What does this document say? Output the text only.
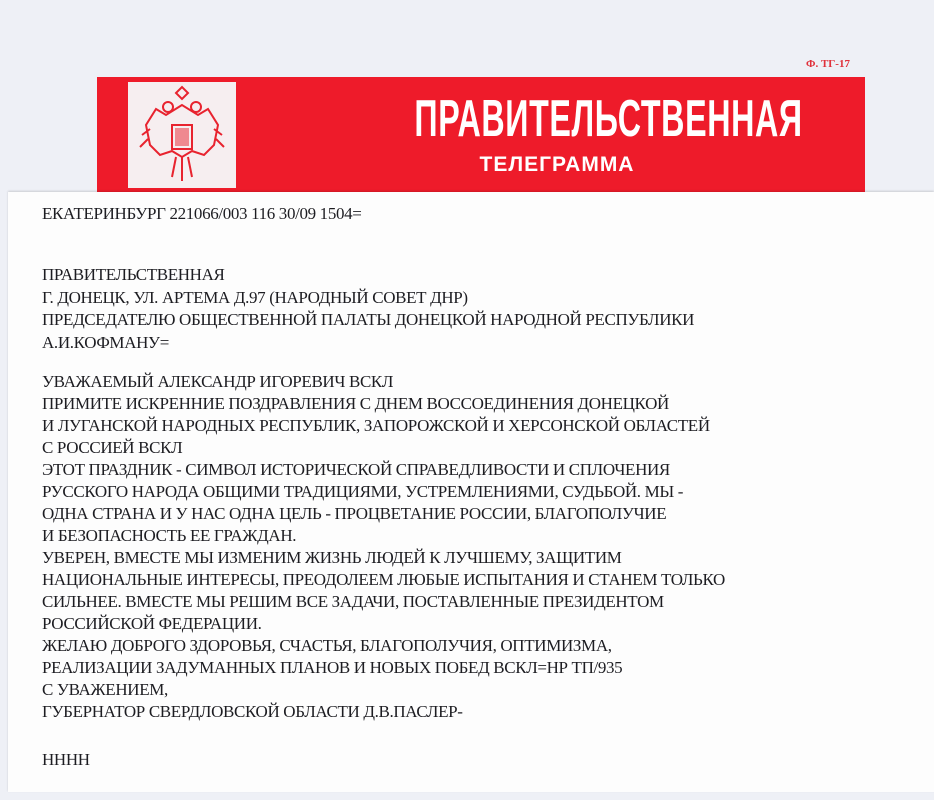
Ф. ТГ-17
ПРАВИТЕЛЬСТВЕННАЯ
ТЕЛЕГРАММА
ЕКАТЕРИНБУРГ 221066/003 116 30/09 1504=
ПРАВИТЕЛЬСТВЕННАЯ
Г. ДОНЕЦК, УЛ. АРТЕМА Д.97 (НАРОДНЫЙ СОВЕТ ДНР)
ПРЕДСЕДАТЕЛЮ ОБЩЕСТВЕННОЙ ПАЛАТЫ ДОНЕЦКОЙ НАРОДНОЙ РЕСПУБЛИКИ
А.И.КОФМАНУ=
УВАЖАЕМЫЙ АЛЕКСАНДР ИГОРЕВИЧ ВСКЛ
ПРИМИТЕ ИСКРЕННИЕ ПОЗДРАВЛЕНИЯ С ДНЕМ ВОССОЕДИНЕНИЯ ДОНЕЦКОЙ
И ЛУГАНСКОЙ НАРОДНЫХ РЕСПУБЛИК, ЗАПОРОЖСКОЙ И ХЕРСОНСКОЙ ОБЛАСТЕЙ
С РОССИЕЙ ВСКЛ
ЭТОТ ПРАЗДНИК - СИМВОЛ ИСТОРИЧЕСКОЙ СПРАВЕДЛИВОСТИ И СПЛОЧЕНИЯ
РУССКОГО НАРОДА ОБЩИМИ ТРАДИЦИЯМИ, УСТРЕМЛЕНИЯМИ, СУДЬБОЙ. МЫ -
ОДНА СТРАНА И У НАС ОДНА ЦЕЛЬ - ПРОЦВЕТАНИЕ РОССИИ, БЛАГОПОЛУЧИЕ
И БЕЗОПАСНОСТЬ ЕЕ ГРАЖДАН.
УВЕРЕН, ВМЕСТЕ МЫ ИЗМЕНИМ ЖИЗНЬ ЛЮДЕЙ К ЛУЧШЕМУ, ЗАЩИТИМ
НАЦИОНАЛЬНЫЕ ИНТЕРЕСЫ, ПРЕОДОЛЕЕМ ЛЮБЫЕ ИСПЫТАНИЯ И СТАНЕМ ТОЛЬКО
СИЛЬНЕЕ. ВМЕСТЕ МЫ РЕШИМ ВСЕ ЗАДАЧИ, ПОСТАВЛЕННЫЕ ПРЕЗИДЕНТОМ
РОССИЙСКОЙ ФЕДЕРАЦИИ.
ЖЕЛАЮ ДОБРОГО ЗДОРОВЬЯ, СЧАСТЬЯ, БЛАГОПОЛУЧИЯ, ОПТИМИЗМА,
РЕАЛИЗАЦИИ ЗАДУМАННЫХ ПЛАНОВ И НОВЫХ ПОБЕД ВСКЛ=НР ТП/935
С УВАЖЕНИЕМ,
ГУБЕРНАТОР СВЕРДЛОВСКОЙ ОБЛАСТИ Д.В.ПАСЛЕР-
НННН
